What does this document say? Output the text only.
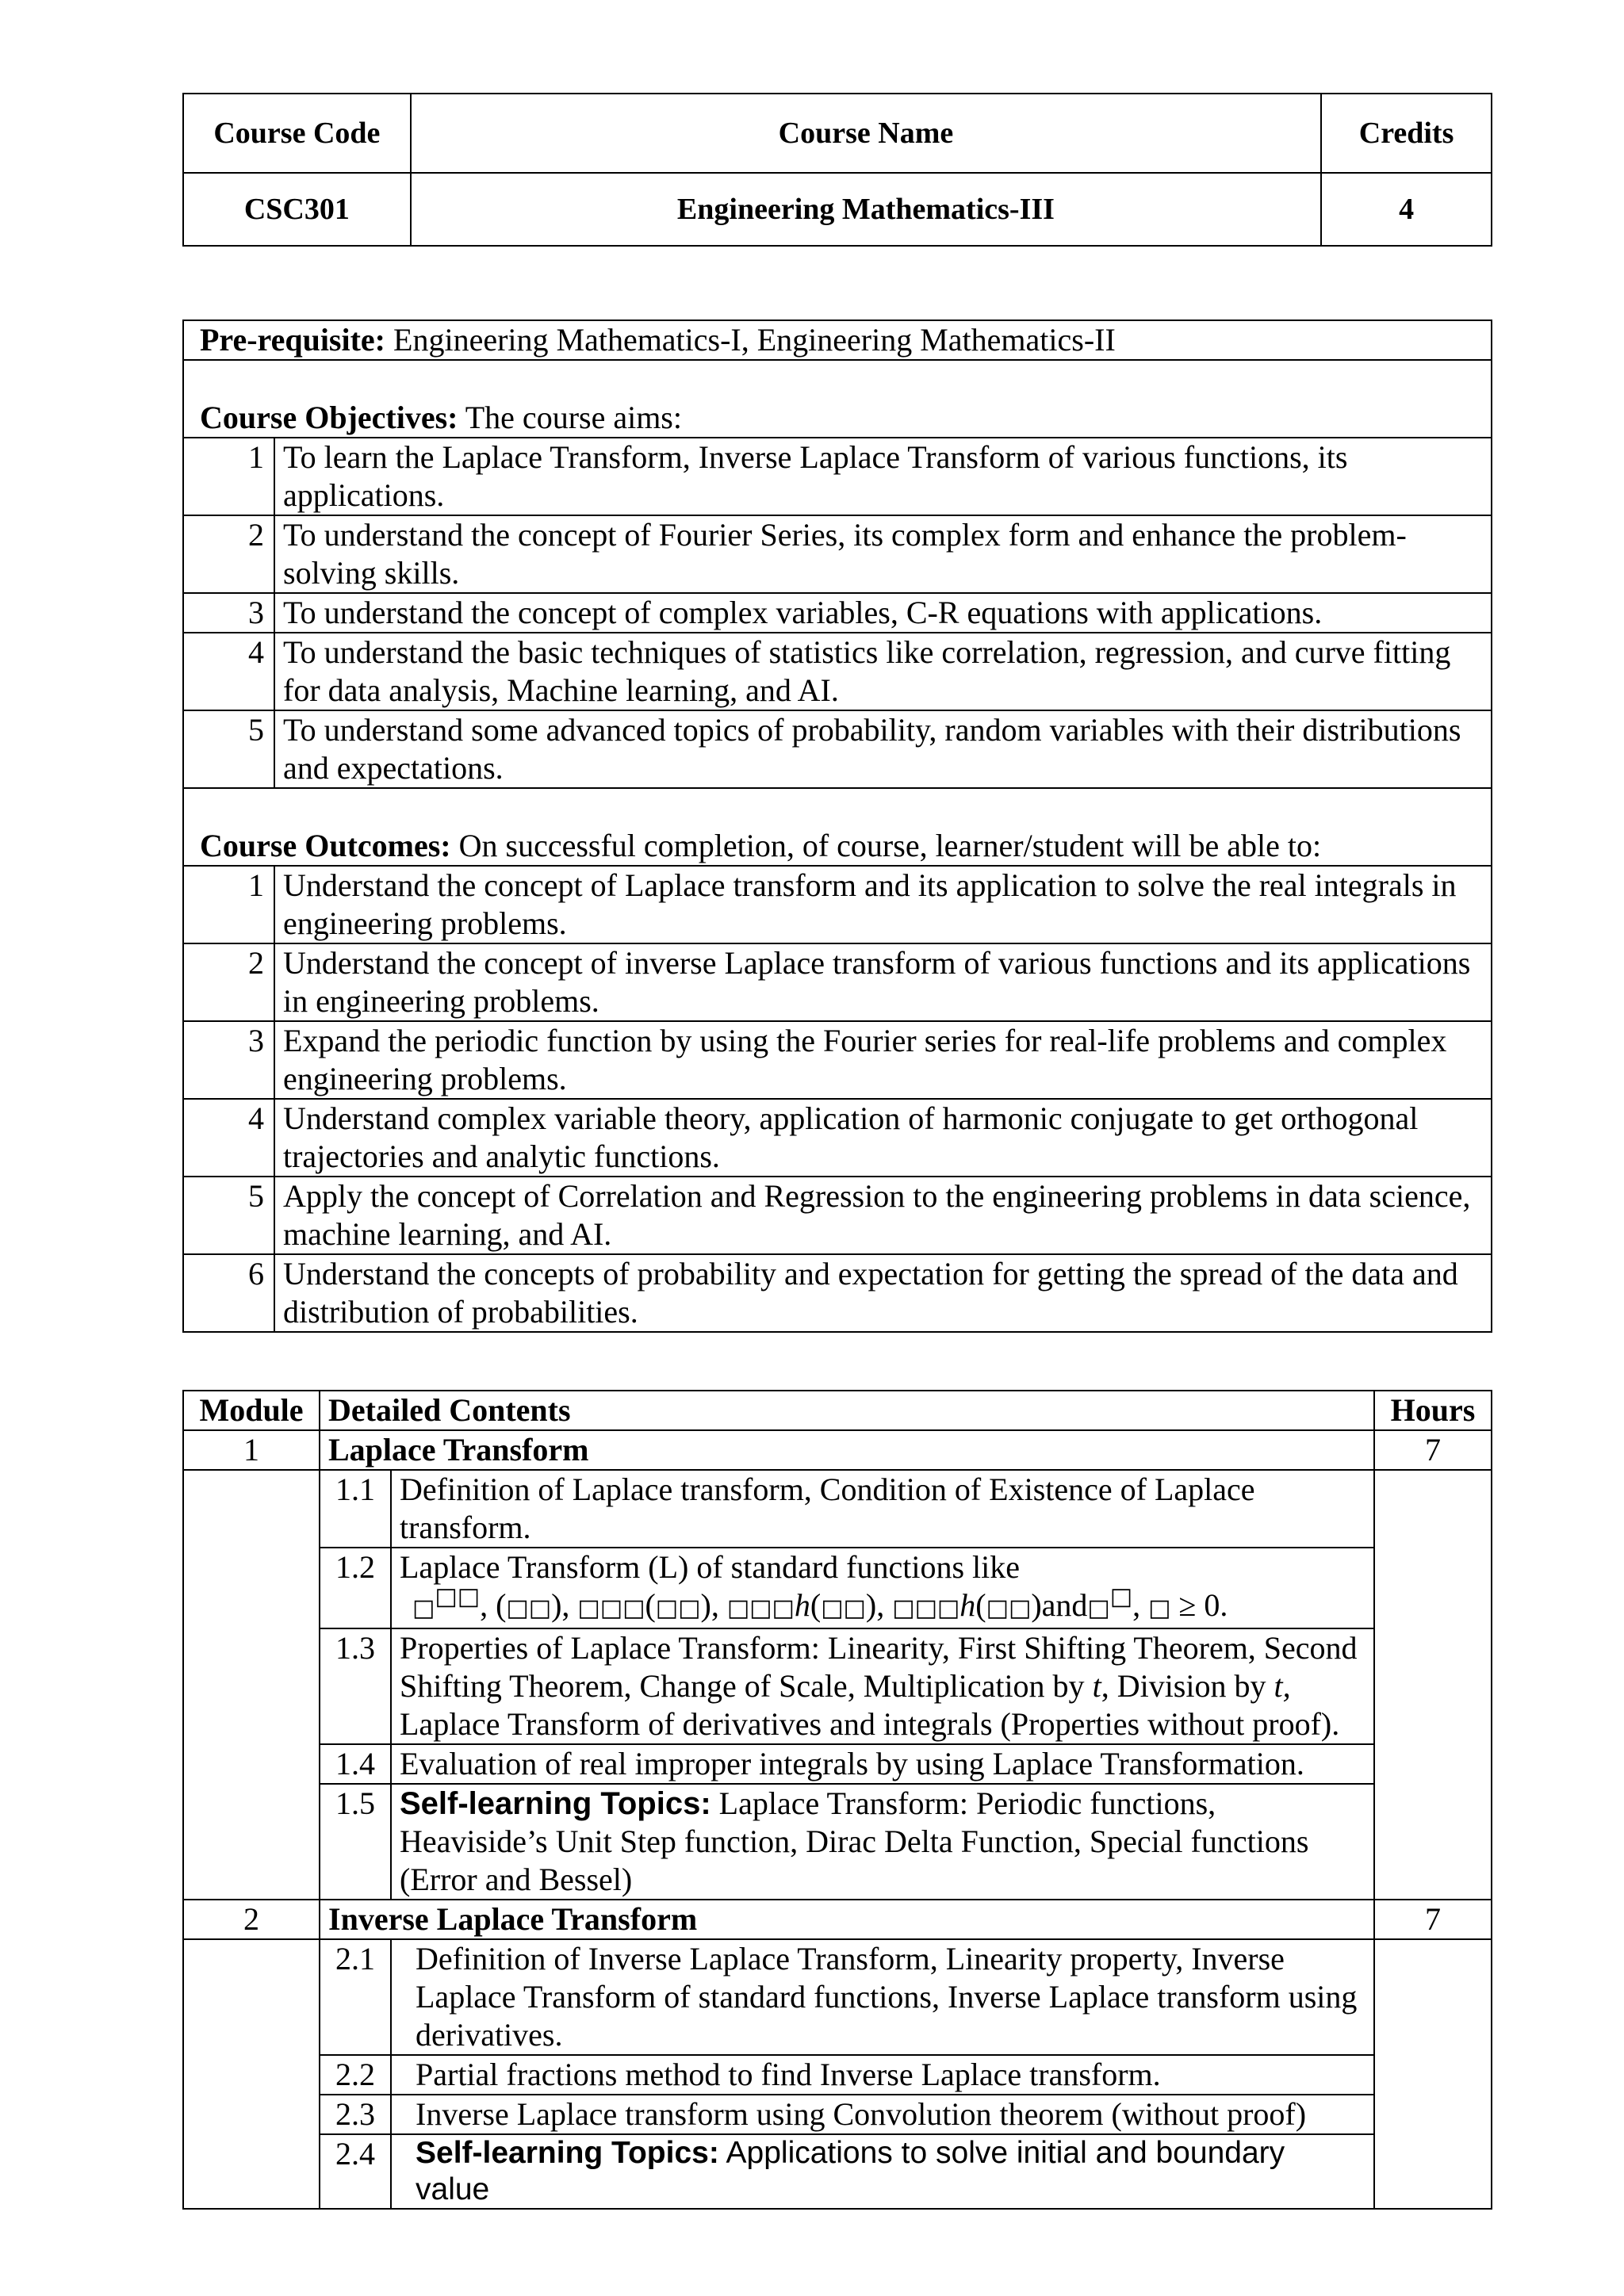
Course Code	Course Name	Credits
CSC301	Engineering Mathematics-III	4
Pre-requisite: Engineering Mathematics-I, Engineering Mathematics-II	
Course Objectives: The course aims:	
1	To learn the Laplace Transform, Inverse Laplace Transform of various functions, its applications.
2	To understand the concept of Fourier Series, its complex form and enhance the problem-solving skills.
3	To understand the concept of complex variables, C-R equations with applications.
4	To understand the basic techniques of statistics like correlation, regression, and curve fitting for data analysis, Machine learning, and AI.
5	To understand some advanced topics of probability, random variables with their distributions and expectations.
Course Outcomes: On successful completion, of course, learner/student will be able to:	
1	Understand the concept of Laplace transform and its application to solve the real integrals in engineering problems.
2	Understand the concept of inverse Laplace transform of various functions and its applications in engineering problems.
3	Expand the periodic function by using the Fourier series for real-life problems and complex engineering problems.
4	Understand complex variable theory, application of harmonic conjugate to get orthogonal trajectories and analytic functions.
5	Apply the concept of Correlation and Regression to the engineering problems in data science, machine learning, and AI.
6	Understand the concepts of probability and expectation for getting the spread of the data and distribution of probabilities.
Module	Detailed Contents		Hours
1	Laplace Transform		7
	1.1	Definition of Laplace transform, Condition of Existence of Laplace transform.	
	1.2	Laplace Transform (L) of standard functions like
□□□, (□□), □□□(□□), □□□h(□□), □□□h(□□)and□□, □ ≥ 0.	
	1.3	Properties of Laplace Transform: Linearity, First Shifting Theorem, Second Shifting Theorem, Change of Scale, Multiplication by t, Division by t, Laplace Transform of derivatives and integrals (Properties without proof).	
	1.4	Evaluation of real improper integrals by using Laplace Transformation.	
	1.5	Self-learning Topics: Laplace Transform: Periodic functions, Heaviside’s Unit Step function, Dirac Delta Function, Special functions (Error and Bessel)	
2	Inverse Laplace Transform		7
	2.1	Definition of Inverse Laplace Transform, Linearity property, Inverse Laplace Transform of standard functions, Inverse Laplace transform using derivatives.	
	2.2	Partial fractions method to find Inverse Laplace transform.	
	2.3	Inverse Laplace transform using Convolution theorem (without proof)	
	2.4	Self-learning Topics: Applications to solve initial and boundary value	
